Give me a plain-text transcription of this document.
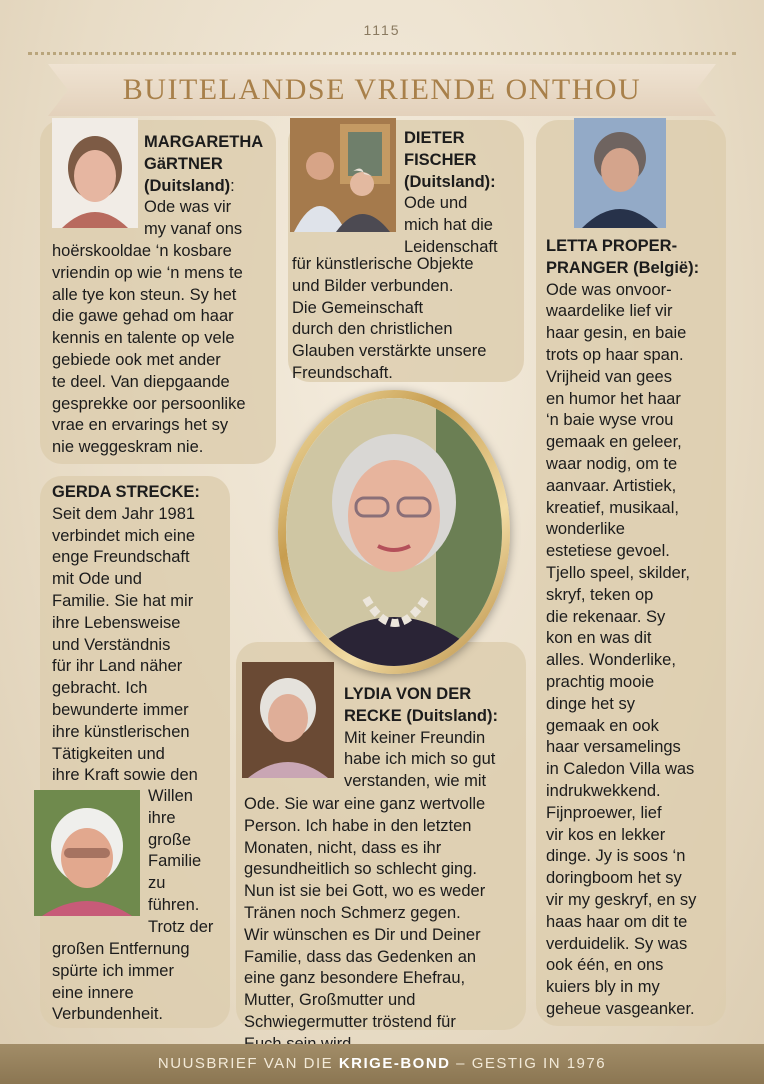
1115
BUITELANDSE VRIENDE ONTHOU
MARGARETHA
GäRTNER
(Duitsland):
Ode was vir
my vanaf ons
hoërskooldae ‘n kosbare
vriendin op wie ‘n mens te
alle tye kon steun. Sy het
die gawe gehad om haar
kennis en talente op vele
gebiede ook met ander
te deel. Van diepgaande
gesprekke oor persoonlike
vrae en ervarings het sy
nie weggeskram nie.
DIETER
FISCHER
(Duitsland):
Ode und
mich hat die
Leidenschaft
für künstlerische Objekte
und Bilder verbunden.
Die Gemeinschaft
durch den christlichen
Glauben verstärkte unsere
Freundschaft.
LETTA PROPER-
PRANGER (België):
Ode was onvoor-
waardelike lief vir
haar gesin, en baie
trots op haar span.
Vrijheid van gees
en humor het haar
‘n baie wyse vrou
gemaak en geleer,
waar nodig, om te
aanvaar. Artistiek,
kreatief, musikaal,
wonderlike
estetiese gevoel.
Tjello speel, skilder,
skryf, teken op
die rekenaar. Sy
kon en was dit
alles. Wonderlike,
prachtig mooie
dinge het sy
gemaak en ook
haar versamelings
in Caledon Villa was
indrukwekkend.
Fijnproewer, lief
vir kos en lekker
dinge. Jy is soos ‘n
doringboom het sy
vir my geskryf, en sy
haas haar om dit te
verduidelik. Sy was
ook één, en ons
kuiers bly in my
geheue vasgeanker.
GERDA STRECKE:
Seit dem Jahr 1981
verbindet mich eine
enge Freundschaft
mit Ode und
Familie. Sie hat mir
ihre Lebensweise
und Verständnis
für ihr Land näher
gebracht. Ich
bewunderte immer
ihre künstlerischen
Tätigkeiten und
ihre Kraft sowie den
Willen
ihre
große
Familie
zu
führen.
Trotz der
großen Entfernung
spürte ich immer
eine innere
Verbundenheit.
LYDIA VON DER
RECKE (Duitsland):
Mit keiner Freundin
habe ich mich so gut
verstanden, wie mit
Ode. Sie war eine ganz wertvolle
Person. Ich habe in den letzten
Monaten, nicht, dass es ihr
gesundheitlich so schlecht ging.
Nun ist sie bei Gott, wo es weder
Tränen noch Schmerz gegen.
Wir wünschen es Dir und Deiner
Familie, dass das Gedenken an
eine ganz besondere Ehefrau,
Mutter, Großmutter und
Schwiegermutter tröstend für
NUUSBRIEF VAN DIE KRIGE-BOND – GESTIG IN 1976
